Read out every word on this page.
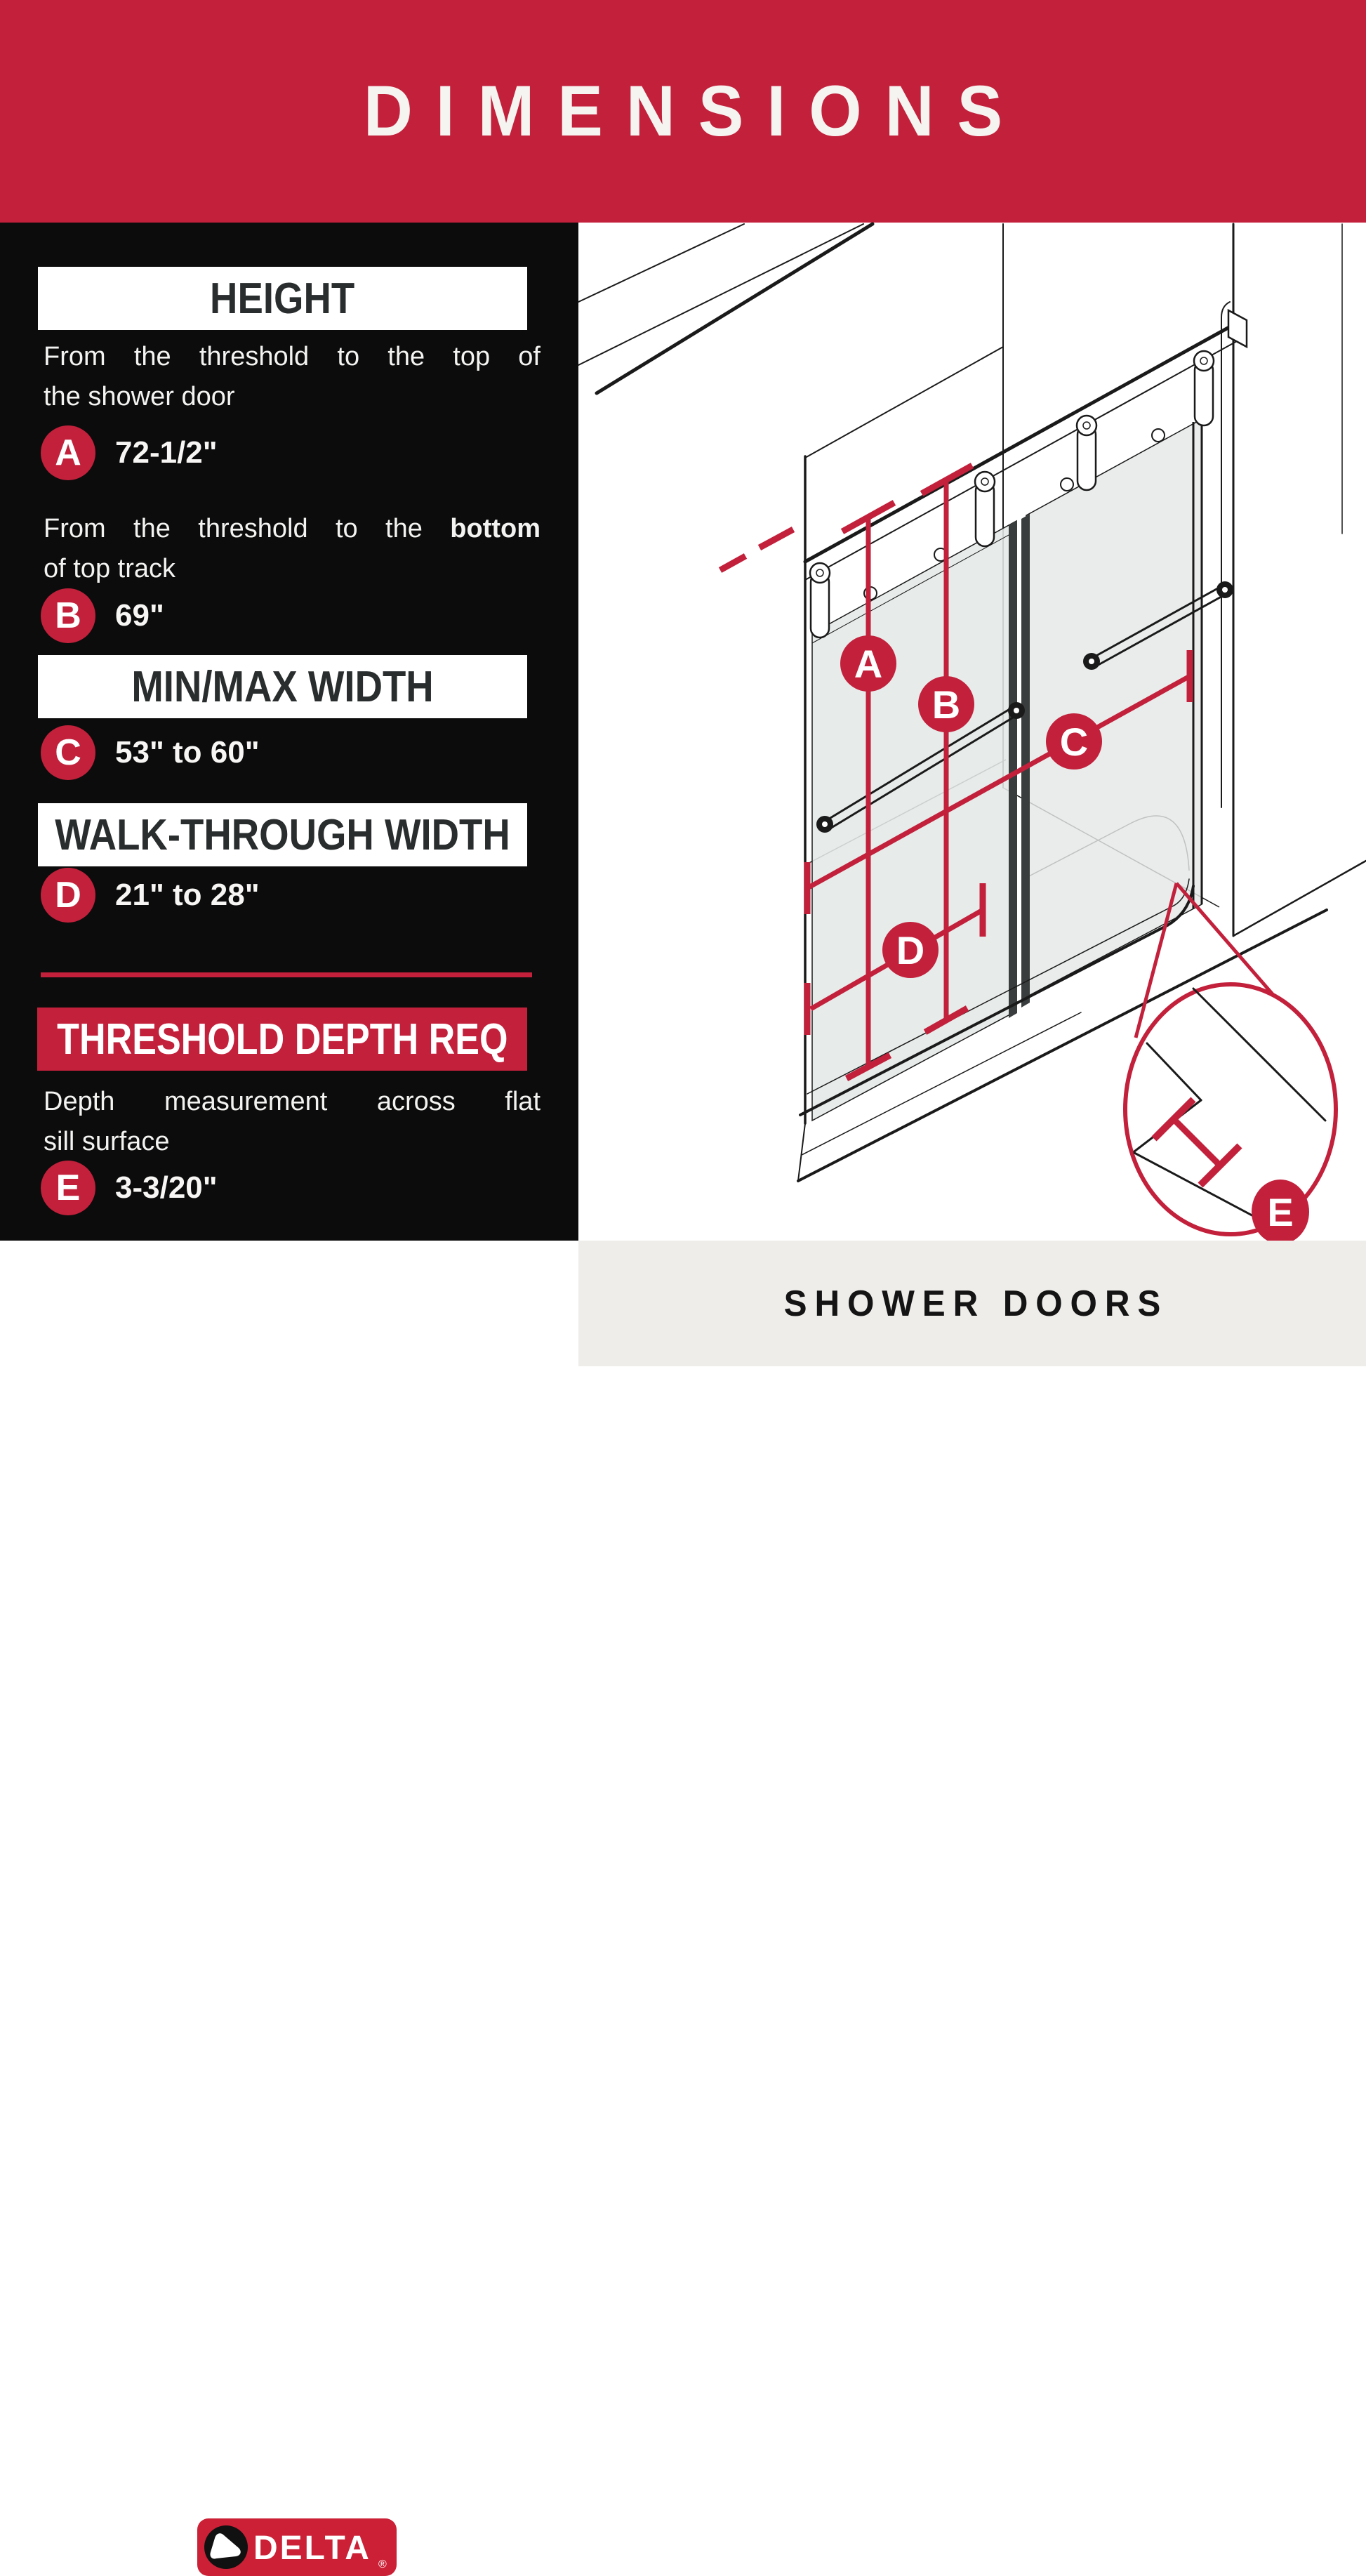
DIMENSIONS
HEIGHT
From the threshold to the top of
the shower door
A	72-1/2"
From the threshold to the bottom
of top track
B	69"
MIN/MAX WIDTH
C	53" to 60"
WALK-THROUGH WIDTH
D	21" to 28"
THRESHOLD DEPTH REQ
Depth measurement across flat
sill surface
E	3-3/20"
A
B
C
D
E
DELTA ®
SHOWER DOORS
